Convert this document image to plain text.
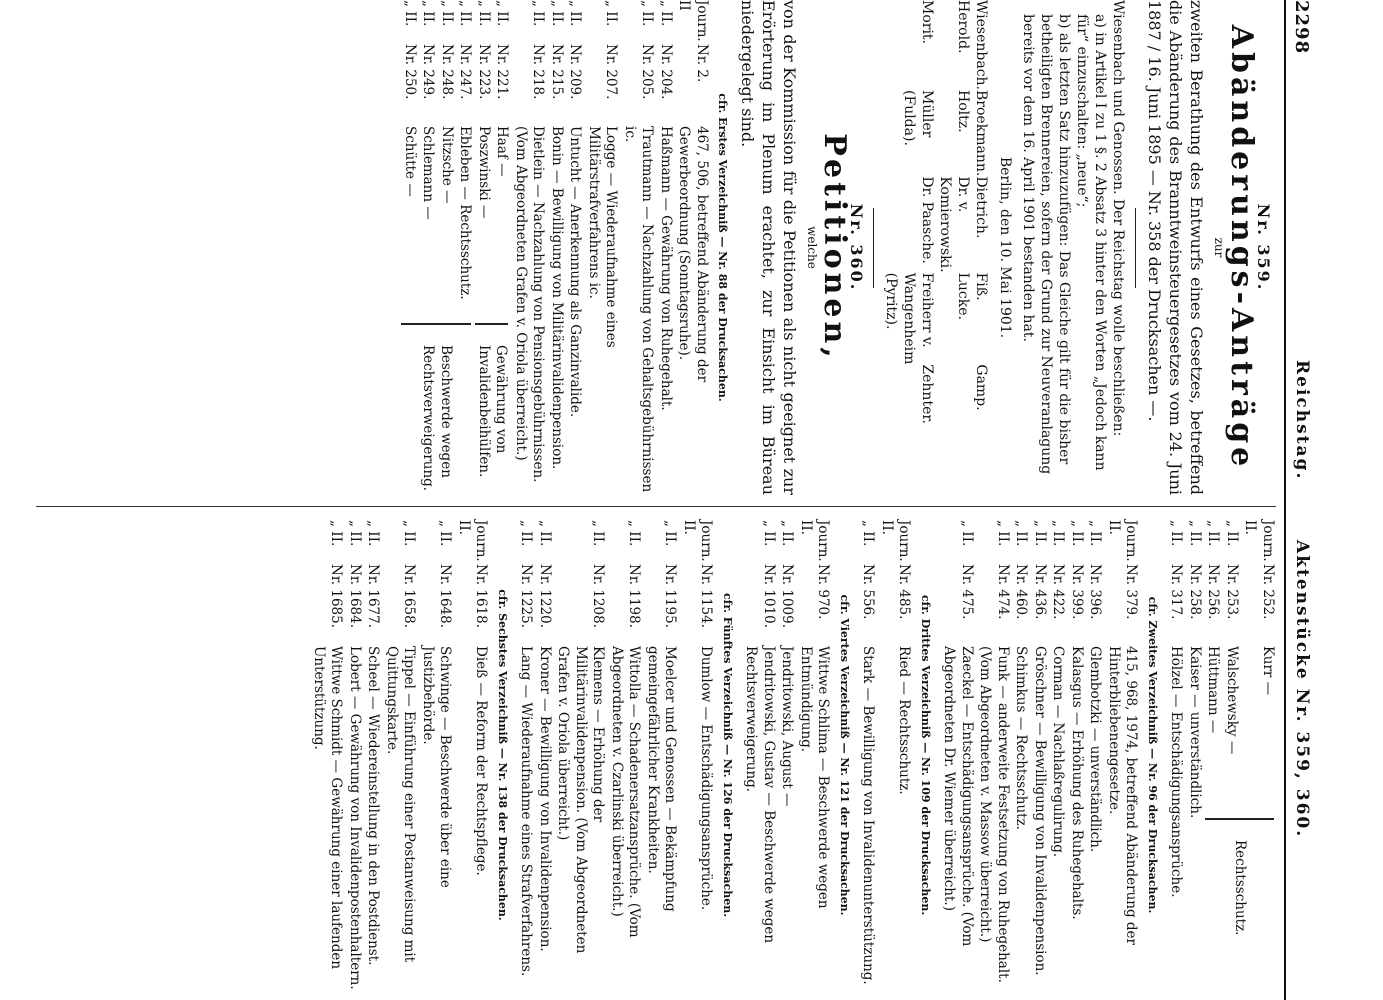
2298
Reichstag.
Aktenstücke Nr. 359, 360.
Nr. 359.
Abänderungs-Anträge
zur
zweiten Berathung des Entwurfs eines Gesetzes, betreffend die Abänderung des Branntweinsteuergesetzes vom 24. Juni 1887 / 16. Juni 1895 — Nr. 358 der Drucksachen —.
Wiesenbach und Genossen. Der Reichstag wolle beschließen:
a) in Artikel I zu 1 §. 2 Absatz 3 hinter den Worten „Jedoch kann für“ einzuschalten: „neue“;
b) als letzten Satz hinzuzufügen: Das Gleiche gilt für die bisher betheiligten Brennereien, sofern der Grund zur Neuveranlagung bereits vor dem 16. April 1901 bestanden hat.
Berlin, den 10. Mai 1901.
Wiesenbach.
Broekmann.
Dietrich.
Fiß.
Gamp.
Herold.
Holtz.
Dr. v. Komierowski.
Lucke.
Morit.
Müller (Fulda).
Dr. Paasche.
Freiherr v. Wangenheim (Pyritz).
Zehnter.
Nr. 360.
Petitionen,
welche
von der Kommission für die Petitionen als nicht geeignet zur Erörterung im Plenum erachtet, zur Einsicht im Büreau niedergelegt sind.
cfr. Erstes Verzeichniß — Nr. 88 der Drucksachen.
Journ. II
Nr. 2.
467, 506, betreffend Abänderung der Gewerbeordnung (Sonntagsruhe).
„ II.
Nr. 204.
Haßmann — Gewährung von Ruhegehalt.
„ II.
Nr. 205.
Trautmann — Nachzahlung von Gehaltsgebührnissen ic.
„ II.
Nr. 207.
Logge — Wiederaufnahme eines Militärstrafverfahrens ic.
„ II.
Nr. 209.
Untucht — Anerkennung als Ganzinvalide.
„ II.
Nr. 215.
Bonin — Bewilligung von Militärinvalidenpension.
„ II.
Nr. 218.
Dietlein — Nachzahlung von Pensionsgebührnissen. (Vom Abgeordneten Grafen v. Oriola überreicht.)
„ II.
Nr. 221.
Haaf —
„ II.
Nr. 223.
Poszwinski —
Gewährung von Invalidenbeihülfen.
„ II.
Nr. 247.
Ebleben — Rechtsschutz.
„ II.
Nr. 248.
Nitzsche —
„ II.
Nr. 249.
Schlemann —
„ II.
Nr. 250.
Schütte —
Beschwerde wegen Rechtsverweigerung.
Journ. II.
Nr. 252.
Kurr —
„ II.
Nr. 253.
Walschewsky —
„ II.
Nr. 256.
Hüttmann —
Rechtsschutz.
„ II.
Nr. 258.
Kaiser — unverständlich.
„ II.
Nr. 317.
Hölzel — Entschädigungsansprüche.
cfr. Zweites Verzeichniß — Nr. 96 der Drucksachen.
Journ. II.
Nr. 379.
415, 968, 1974, betreffend Abänderung der Hinterbliebenengesetze.
„ II.
Nr. 396.
Glembotzki — unverständlich.
„ II.
Nr. 399.
Kalasgus — Erhöhung des Ruhegehalts.
„ II.
Nr. 422.
Corman — Nachlaßregulirung.
„ II.
Nr. 436.
Gröschner — Bewilligung von Invalidenpension.
„ II.
Nr. 460.
Schimkus — Rechtsschutz.
„ II.
Nr. 474.
Funk — anderweite Festsetzung von Ruhegehalt. (Vom Abgeordneten v. Massow überreicht.)
„ II.
Nr. 475.
Zaeckel — Entschädigungsansprüche. (Vom Abgeordneten Dr. Wiemer überreicht.)
cfr. Drittes Verzeichniß — Nr. 109 der Drucksachen.
Journ. II.
Nr. 485.
Ried — Rechtsschutz.
„ II.
Nr. 556.
Stark — Bewilligung von Invalidenunterstützung.
cfr. Viertes Verzeichniß — Nr. 121 der Drucksachen.
Journ. II.
Nr. 970.
Wittwe Schlima — Beschwerde wegen Entmündigung.
„ II.
Nr. 1009.
Jendritowski, August —
„ II.
Nr. 1010.
Jendritowski, Gustav — Beschwerde wegen Rechtsverweigerung.
cfr. Fünftes Verzeichniß — Nr. 126 der Drucksachen.
Journ. II.
Nr. 1154.
Dumlow — Entschädigungsansprüche.
„ II.
Nr. 1195.
Moelcer und Genossen — Bekämpfung gemeingefährlicher Krankheiten.
„ II.
Nr. 1198.
Wittolla — Schadenersatzansprüche. (Vom Abgeordneten v. Czarlinski überreicht.)
„ II.
Nr. 1208.
Klemens — Erhöhung der Militärinvalidenpension. (Vom Abgeordneten Grafen v. Oriola überreicht.)
„ II.
Nr. 1220.
Kroner — Bewilligung von Invalidenpension.
„ II.
Nr. 1225.
Lang — Wiederaufnahme eines Strafverfahrens.
cfr. Sechstes Verzeichniß — Nr. 138 der Drucksachen.
Journ. II.
Nr. 1618.
Dieß — Reform der Rechtspflege.
„ II.
Nr. 1648.
Schwinge — Beschwerde über eine Justizbehörde.
„ II.
Nr. 1658.
Tippel — Einführung einer Postanweisung mit Quittungskarte.
„ II.
Nr. 1677.
Scheel — Wiedereinstellung in den Postdienst.
„ II.
Nr. 1684.
Lobert — Gewährung von Invalidenpostenhaltern.
„ II.
Nr. 1685.
Wittwe Schmidt — Gewährung einer laufenden Unterstützung.
